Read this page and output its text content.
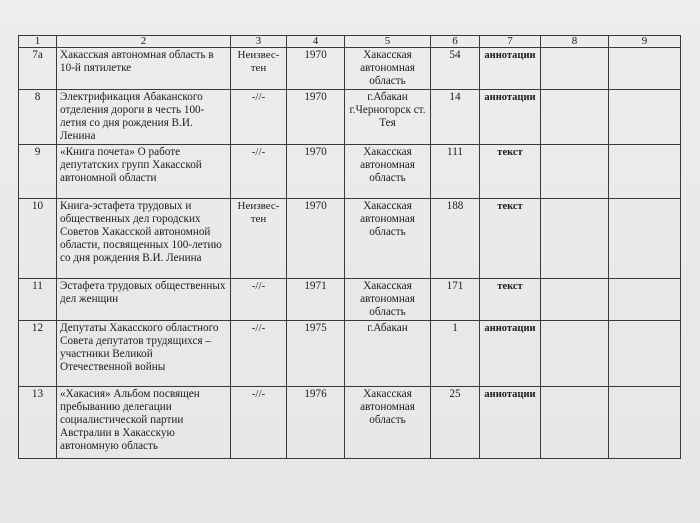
1	2	3	4	5	6	7	8	9
7a	Хакасская автономная область в 10-й пятилетке	Неизвес-тен	1970	Хакасская автономная область	54	аннотации		
8	Электрификация Абаканского отделения дороги в честь 100-летия со дня рождения В.И. Ленина	-//-	1970	г.Абакан г.Черногорск ст. Тея	14	аннотации		
9	«Книга почета» О работе депутатских групп Хакасской автономной области	-//-	1970	Хакасская автономная область	111	текст		
10	Книга-эстафета трудовых и общественных дел городских Советов Хакасской автономной области, посвященных 100-летию со дня рождения В.И. Ленина	Неизвес-тен	1970	Хакасская автономная область	188	текст		
11	Эстафета трудовых общественных дел женщин	-//-	1971	Хакасская автономная область	171	текст		
12	Депутаты Хакасского областного Совета депутатов трудящихся – участники Великой Отечественной войны	-//-	1975	г.Абакан	1	аннотации		
13	«Хакасия» Альбом посвящен пребыванию делегации социалистической партии Австралии в Хакасскую автономную область	-//-	1976	Хакасская автономная область	25	аннотации		
